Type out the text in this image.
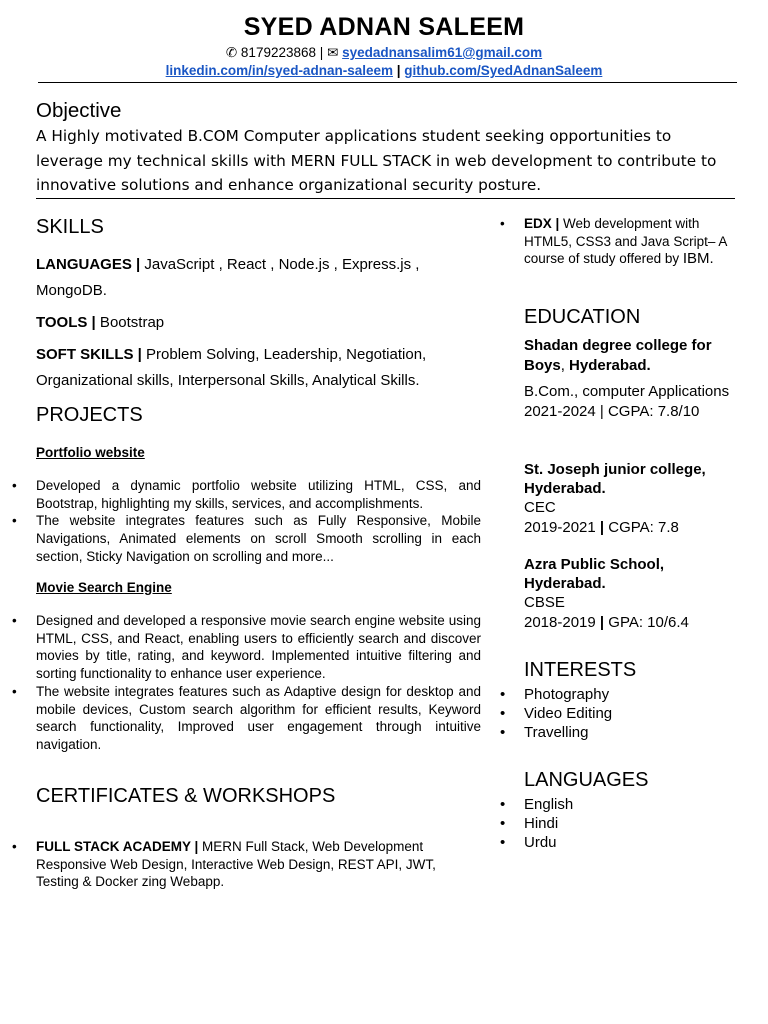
SYED ADNAN SALEEM
✆ 8179223868 | ✉ syedadnansalim61@gmail.com
linkedin.com/in/syed-adnan-saleem | github.com/SyedAdnanSaleem
Objective
A Highly motivated B.COM Computer applications student seeking opportunities to leverage my technical skills with MERN FULL STACK in web development to contribute to innovative solutions and enhance organizational security posture.
SKILLS
LANGUAGES | JavaScript , React , Node.js , Express.js , MongoDB.
TOOLS | Bootstrap
SOFT SKILLS | Problem Solving, Leadership, Negotiation, Organizational skills, Interpersonal Skills, Analytical Skills.
PROJECTS
Portfolio website
• Developed a dynamic portfolio website utilizing HTML, CSS, and Bootstrap, highlighting my skills, services, and accomplishments.
• The website integrates features such as Fully Responsive, Mobile Navigations, Animated elements on scroll Smooth scrolling in each section, Sticky Navigation on scrolling and more...
Movie Search Engine
• Designed and developed a responsive movie search engine website using HTML, CSS, and React, enabling users to efficiently search and discover movies by title, rating, and keyword. Implemented intuitive filtering and sorting functionality to enhance user experience.
• The website integrates features such as Adaptive design for desktop and mobile devices, Custom search algorithm for efficient results, Keyword search functionality, Improved user engagement through intuitive navigation.
CERTIFICATES & WORKSHOPS
• FULL STACK ACADEMY | MERN Full Stack, Web Development Responsive Web Design, Interactive Web Design, REST API, JWT, Testing & Docker zing Webapp.
• EDX | Web development with HTML5, CSS3 and Java Script– A course of study offered by IBM.
EDUCATION
Shadan degree college for Boys, Hyderabad.
B.Com., computer Applications
2021-2024 | CGPA: 7.8/10
St. Joseph junior college, Hyderabad.
CEC
2019-2021 | CGPA: 7.8
Azra Public School, Hyderabad.
CBSE
2018-2019 | GPA: 10/6.4
INTERESTS
• Photography
• Video Editing
• Travelling
LANGUAGES
• English
• Hindi
• Urdu
